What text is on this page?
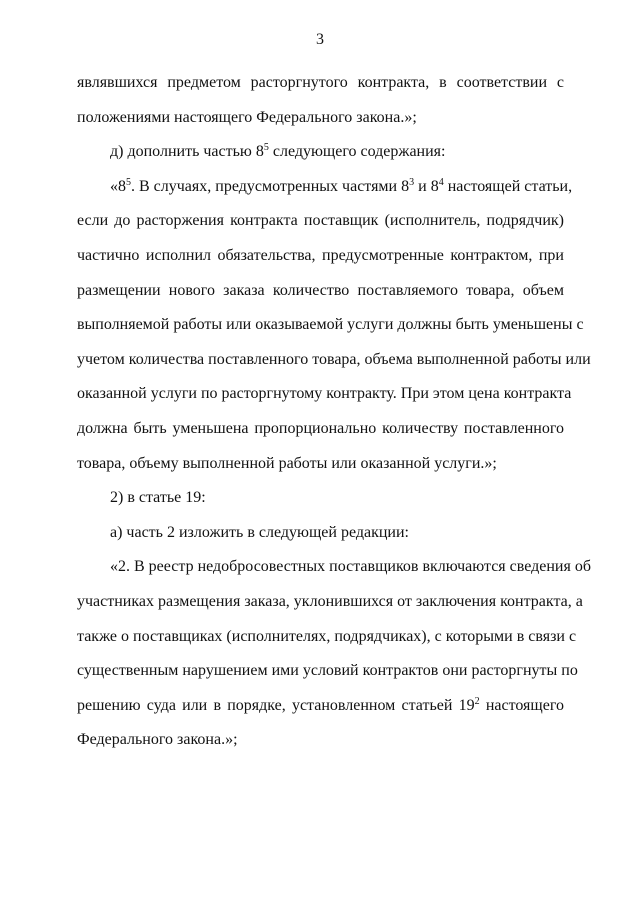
3
являвшихся предметом расторгнутого контракта, в соответствии с
положениями настоящего Федерального закона.»;
д) дополнить частью $8^5$ следующего содержания:
«$8^5$. В случаях, предусмотренных частями $8^3$ и $8^4$ настоящей статьи,
если до расторжения контракта поставщик (исполнитель, подрядчик)
частично исполнил обязательства, предусмотренные контрактом, при
размещении нового заказа количество поставляемого товара, объем
выполняемой работы или оказываемой услуги должны быть уменьшены с
учетом количества поставленного товара, объема выполненной работы или
оказанной услуги по расторгнутому контракту. При этом цена контракта
должна быть уменьшена пропорционально количеству поставленного
товара, объему выполненной работы или оказанной услуги.»;
2) в статье 19:
а) часть 2 изложить в следующей редакции:
«2. В реестр недобросовестных поставщиков включаются сведения об
участниках размещения заказа, уклонившихся от заключения контракта, а
также о поставщиках (исполнителях, подрядчиках), с которыми в связи с
существенным нарушением ими условий контрактов они расторгнуты по
решению суда или в порядке, установленном статьей $19^2$ настоящего
Федерального закона.»;
